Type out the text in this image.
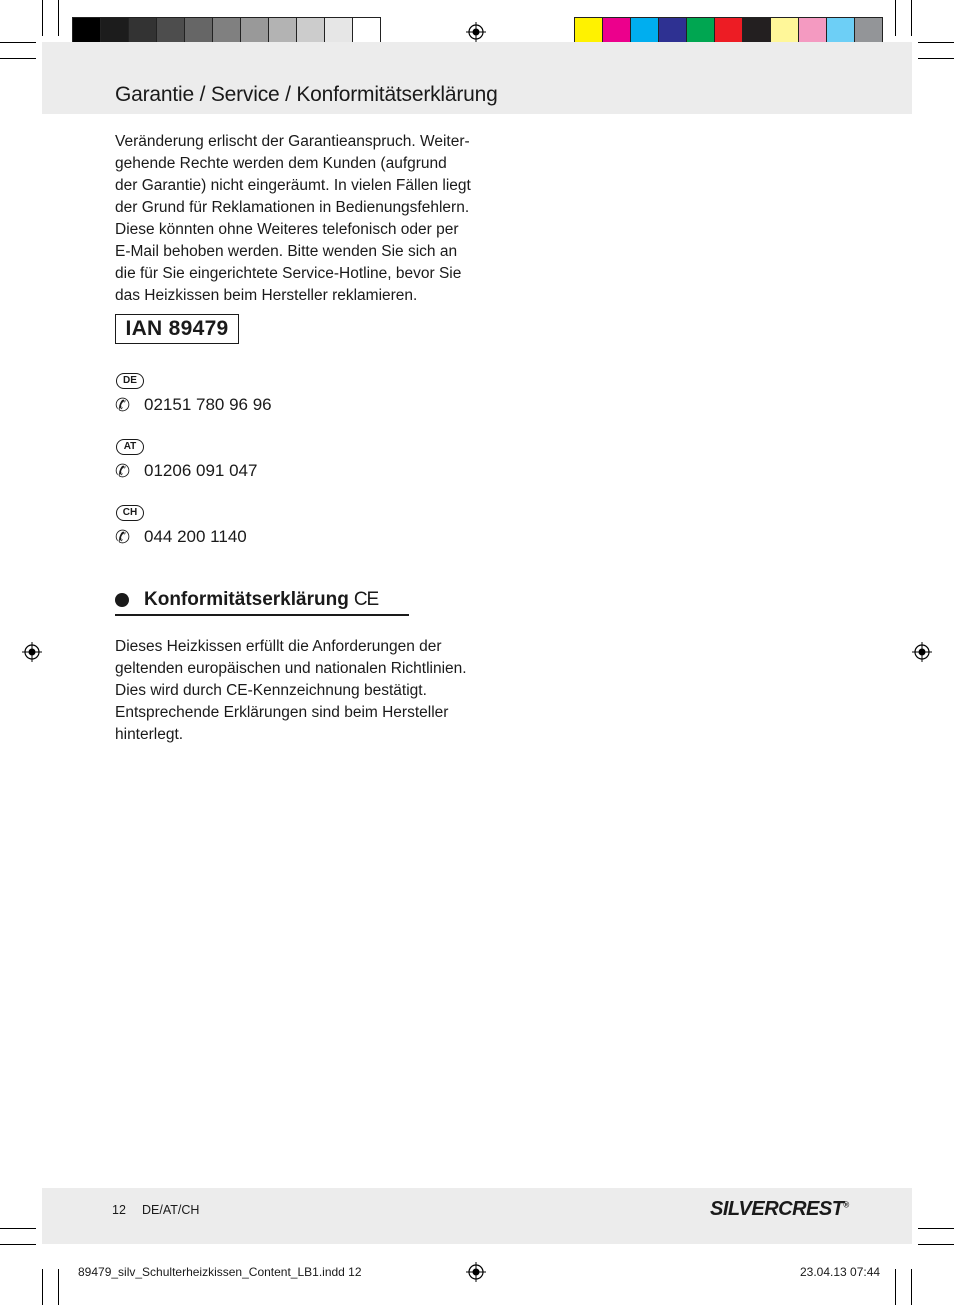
Garantie / Service / Konformitätserklärung

Veränderung erlischt der Garantieanspruch. Weiter-

gehende Rechte werden dem Kunden (aufgrund

der Garantie) nicht eingeräumt. In vielen Fällen liegt

der Grund für Reklamationen in Bedienungsfehlern.

Diese könnten ohne Weiteres telefonisch oder per

E-Mail behoben werden. Bitte wenden Sie sich an

die für Sie eingerichtete Service-Hotline, bevor Sie

das Heizkissen beim Hersteller reklamieren.

IAN 89479
DE
✆ 02151 780 96 96
AT
✆ 01206 091 047
CH
✆ 044 200 1140
Konformitätserklärung CE

Dieses Heizkissen erfüllt die Anforderungen der

geltenden europäischen und nationalen Richtlinien.

Dies wird durch CE-Kennzeichnung bestätigt.

Entsprechende Erklärungen sind beim Hersteller

hinterlegt.

12 DE/AT/CH	SILVERCREST®
89479_silv_Schulterheizkissen_Content_LB1.indd 12	23.04.13 07:44
